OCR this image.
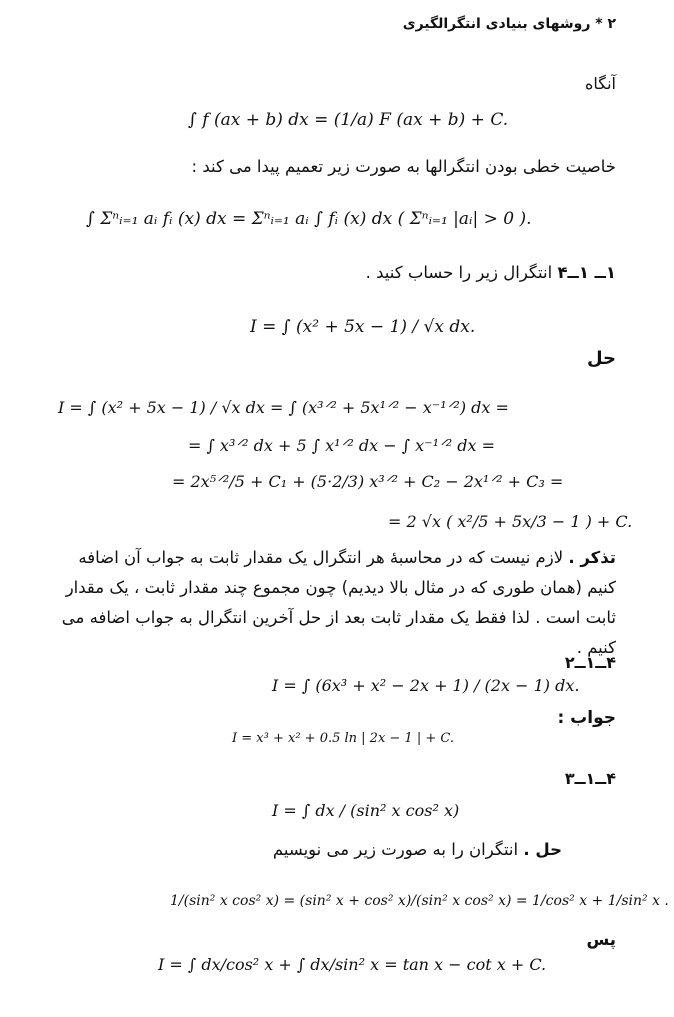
۲ * روشهای بنیادی انتگرالگیری
آنگاه
∫ f (ax + b) dx = (1/a) F (ax + b) + C.
خاصیت خطی بودن انتگرالها به صورت زیر تعمیم پیدا می کند :
∫ Σⁿᵢ₌₁ aᵢ fᵢ (x) dx = Σⁿᵢ₌₁ aᵢ ∫ fᵢ (x) dx ( Σⁿᵢ₌₁ |aᵢ| > 0 ).
۱ــ ۱ــ۴ انتگرال زیر را حساب کنید .
I = ∫ (x² + 5x − 1) / √x dx.
حل
I = ∫ (x² + 5x − 1) / √x dx = ∫ (x³ᐟ² + 5x¹ᐟ² − x⁻¹ᐟ²) dx =
= ∫ x³ᐟ² dx + 5 ∫ x¹ᐟ² dx − ∫ x⁻¹ᐟ² dx =
= 2x⁵ᐟ²/5 + C₁ + (5·2/3) x³ᐟ² + C₂ − 2x¹ᐟ² + C₃ =
= 2 √x ( x²/5 + 5x/3 − 1 ) + C.
تذکر . لازم نیست که در محاسبهٔ هر انتگرال یک مقدار ثابت به جواب آن اضافه کنیم (همان طوری که در مثال بالا دیدیم) چون مجموع چند مقدار ثابت ، یک مقدار ثابت است . لذا فقط یک مقدار ثابت بعد از حل آخرین انتگرال به جواب اضافه می کنیم .
۴ــ۱ــ۲
I = ∫ (6x³ + x² − 2x + 1) / (2x − 1) dx.
جواب :
I = x³ + x² + 0.5 ln | 2x − 1 | + C.
۴ــ۱ــ۳
I = ∫ dx / (sin² x cos² x)
حل . انتگران را به صورت زیر می نویسیم
1/(sin² x cos² x) = (sin² x + cos² x)/(sin² x cos² x) = 1/cos² x + 1/sin² x .
پس
I = ∫ dx/cos² x + ∫ dx/sin² x = tan x − cot x + C.
